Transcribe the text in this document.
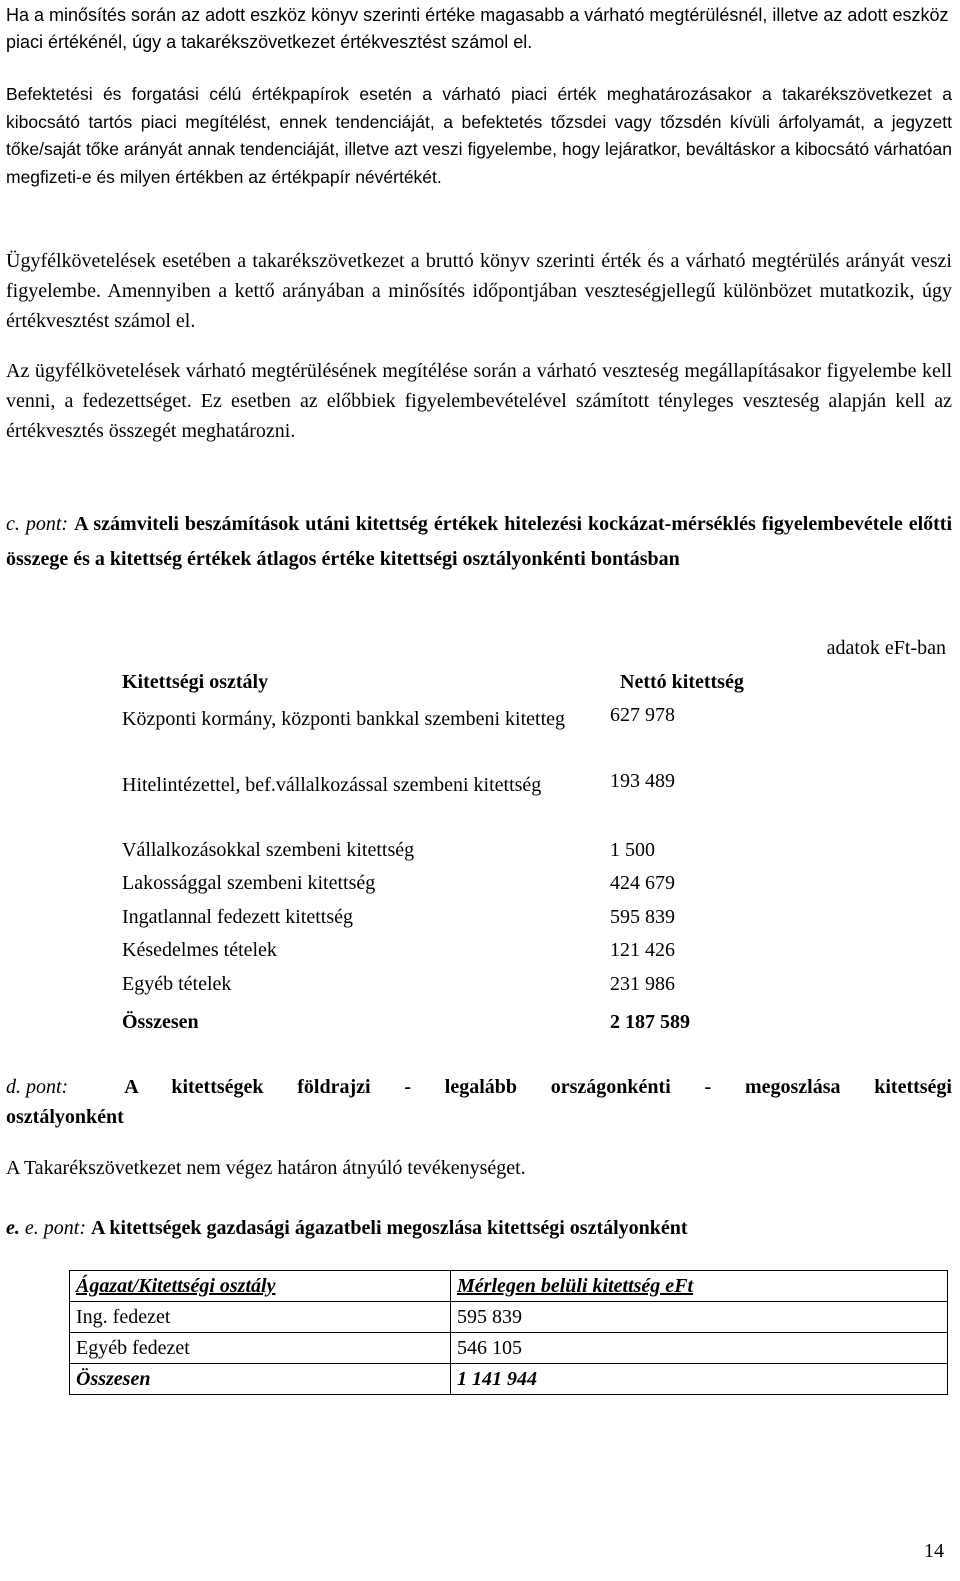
Ha a minősítés során az adott eszköz könyv szerinti értéke magasabb a várható megtérülésnél, illetve az adott eszköz piaci értékénél, úgy a takarékszövetkezet értékvesztést számol el.

Befektetési és forgatási célú értékpapírok esetén a várható piaci érték meghatározásakor a takarékszövetkezet a kibocsátó tartós piaci megítélést, ennek tendenciáját, a befektetés tőzsdei vagy tőzsdén kívüli árfolyamát, a jegyzett tőke/saját tőke arányát annak tendenciáját, illetve azt veszi figyelembe, hogy lejáratkor, beváltáskor a kibocsátó várhatóan megfizeti-e és milyen értékben az értékpapír névértékét.

Ügyfélkövetelések esetében a takarékszövetkezet a bruttó könyv szerinti érték és a várható megtérülés arányát veszi figyelembe. Amennyiben a kettő arányában a minősítés időpontjában veszteségjellegű különbözet mutatkozik, úgy értékvesztést számol el.

Az ügyfélkövetelések várható megtérülésének megítélése során a várható veszteség megállapításakor figyelembe kell venni, a fedezettséget. Ez esetben az előbbiek figyelembevételével számított tényleges veszteség alapján kell az értékvesztés összegét meghatározni.

c. pont: A számviteli beszámítások utáni kitettség értékek hitelezési kockázat-mérséklés figyelembevétele előtti összege és a kitettség értékek átlagos értéke kitettségi osztályonkénti bontásban
adatok eFt-ban
Kitettségi osztály	Nettó kitettség
Központi kormány, központi bankkal szembeni kitetteg	627 978
Hitelintézettel, bef.vállalkozással szembeni kitettség	193 489
Vállalkozásokkal szembeni kitettség	1 500
Lakossággal szembeni kitettség	424 679
Ingatlannal fedezett kitettség	595 839
Késedelmes tételek	121 426
Egyéb tételek	231 986
Összesen	2 187 589
d. pont:	A kitettségek földrajzi - legalább országonkénti - megoszlása kitettségi
osztályonként

A Takarékszövetkezet nem végez határon átnyúló tevékenységet.

e. e. pont: A kitettségek gazdasági ágazatbeli megoszlása kitettségi osztályonként
Ágazat/Kitettségi osztály	Mérlegen belüli kitettség eFt
Ing. fedezet	595 839
Egyéb fedezet	546 105
Összesen	1 141 944
14
